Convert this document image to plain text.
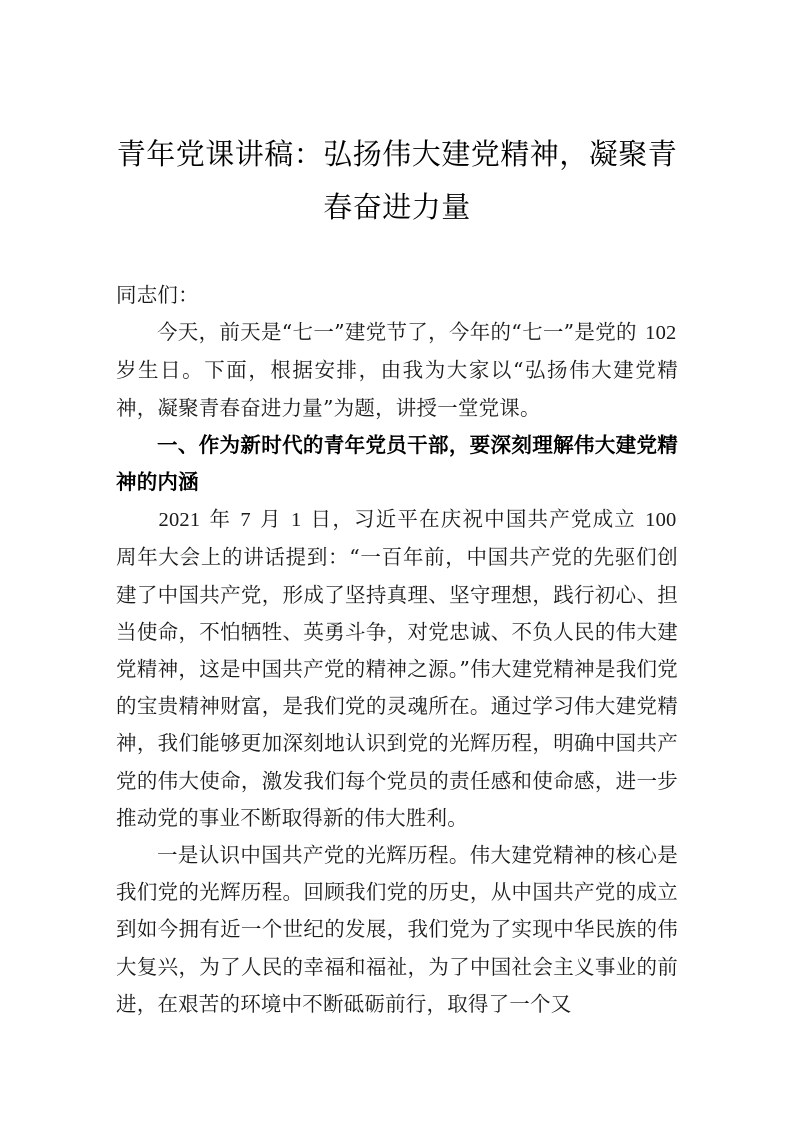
青年党课讲稿：弘扬伟大建党精神，凝聚青春奋进力量

同志们：

今天，前天是“七一”建党节了，今年的“七一”是党的 102 岁生日。下面，根据安排，由我为大家以“弘扬伟大建党精神，凝聚青春奋进力量”为题，讲授一堂党课。

一、作为新时代的青年党员干部，要深刻理解伟大建党精神的内涵

2021 年 7 月 1 日，习近平在庆祝中国共产党成立 100 周年大会上的讲话提到：“一百年前，中国共产党的先驱们创建了中国共产党，形成了坚持真理、坚守理想，践行初心、担当使命，不怕牺牲、英勇斗争，对党忠诚、不负人民的伟大建党精神，这是中国共产党的精神之源。”伟大建党精神是我们党的宝贵精神财富，是我们党的灵魂所在。通过学习伟大建党精神，我们能够更加深刻地认识到党的光辉历程，明确中国共产党的伟大使命，激发我们每个党员的责任感和使命感，进一步推动党的事业不断取得新的伟大胜利。

一是认识中国共产党的光辉历程。伟大建党精神的核心是我们党的光辉历程。回顾我们党的历史，从中国共产党的成立到如今拥有近一个世纪的发展，我们党为了实现中华民族的伟大复兴，为了人民的幸福和福祉，为了中国社会主义事业的前进，在艰苦的环境中不断砥砺前行，取得了一个又
